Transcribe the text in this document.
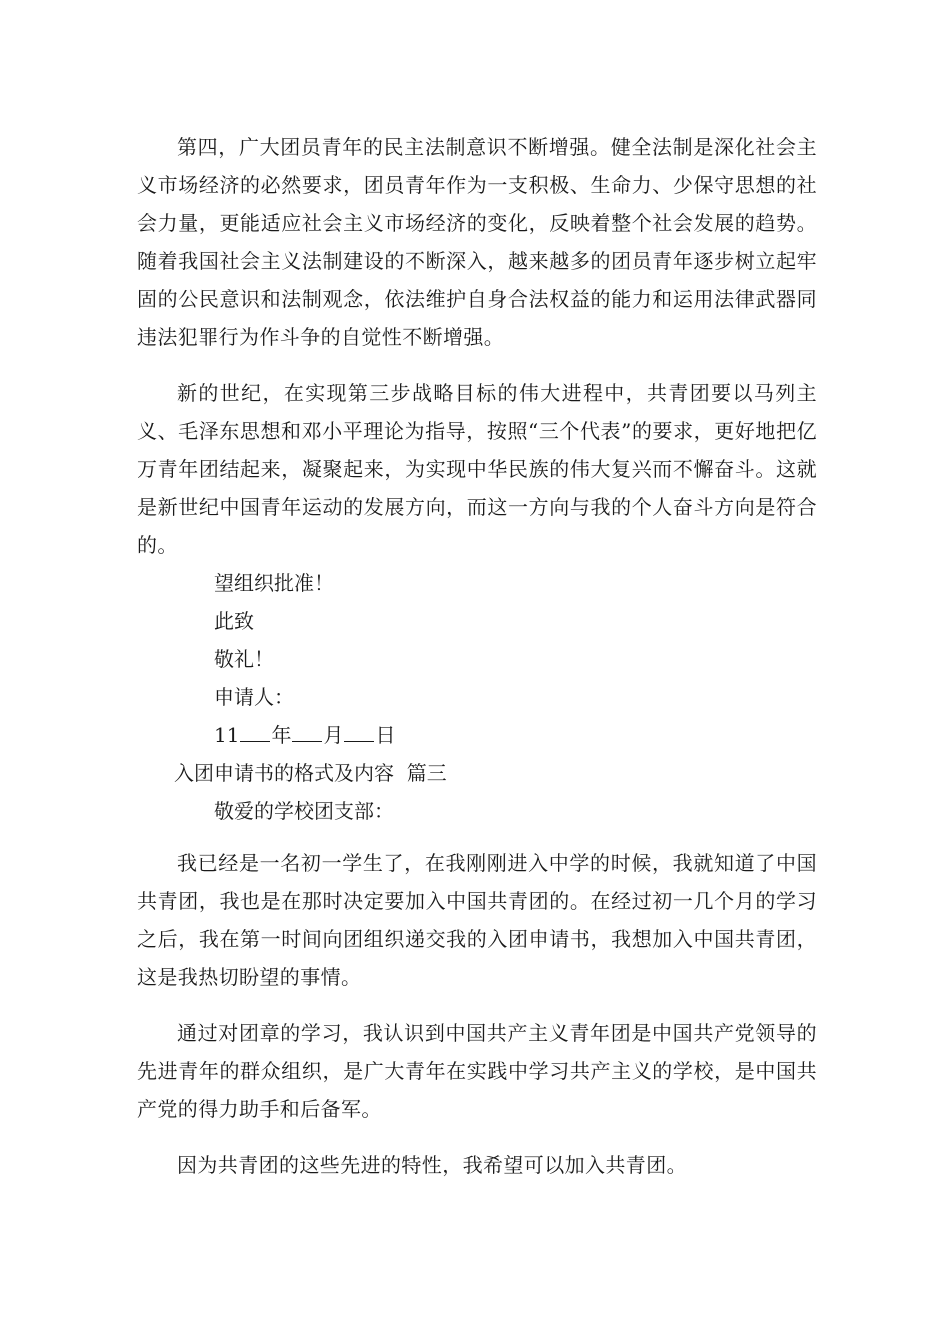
第四，广大团员青年的民主法制意识不断增强。健全法制是深化社会主义市场经济的必然要求，团员青年作为一支积极、生命力、少保守思想的社会力量，更能适应社会主义市场经济的变化，反映着整个社会发展的趋势。随着我国社会主义法制建设的不断深入，越来越多的团员青年逐步树立起牢固的公民意识和法制观念，依法维护自身合法权益的能力和运用法律武器同违法犯罪行为作斗争的自觉性不断增强。

新的世纪，在实现第三步战略目标的伟大进程中，共青团要以马列主义、毛泽东思想和邓小平理论为指导，按照“三个代表”的要求，更好地把亿万青年团结起来，凝聚起来，为实现中华民族的伟大复兴而不懈奋斗。这就是新世纪中国青年运动的发展方向，而这一方向与我的个人奋斗方向是符合的。

望组织批准！

此致

敬礼！

申请人：

11 年 月 日

入团申请书的格式及内容  篇三

敬爱的学校团支部：

我已经是一名初一学生了，在我刚刚进入中学的时候，我就知道了中国共青团，我也是在那时决定要加入中国共青团的。在经过初一几个月的学习之后，我在第一时间向团组织递交我的入团申请书，我想加入中国共青团，这是我热切盼望的事情。

通过对团章的学习，我认识到中国共产主义青年团是中国共产党领导的先进青年的群众组织，是广大青年在实践中学习共产主义的学校，是中国共产党的得力助手和后备军。

因为共青团的这些先进的特性，我希望可以加入共青团。
